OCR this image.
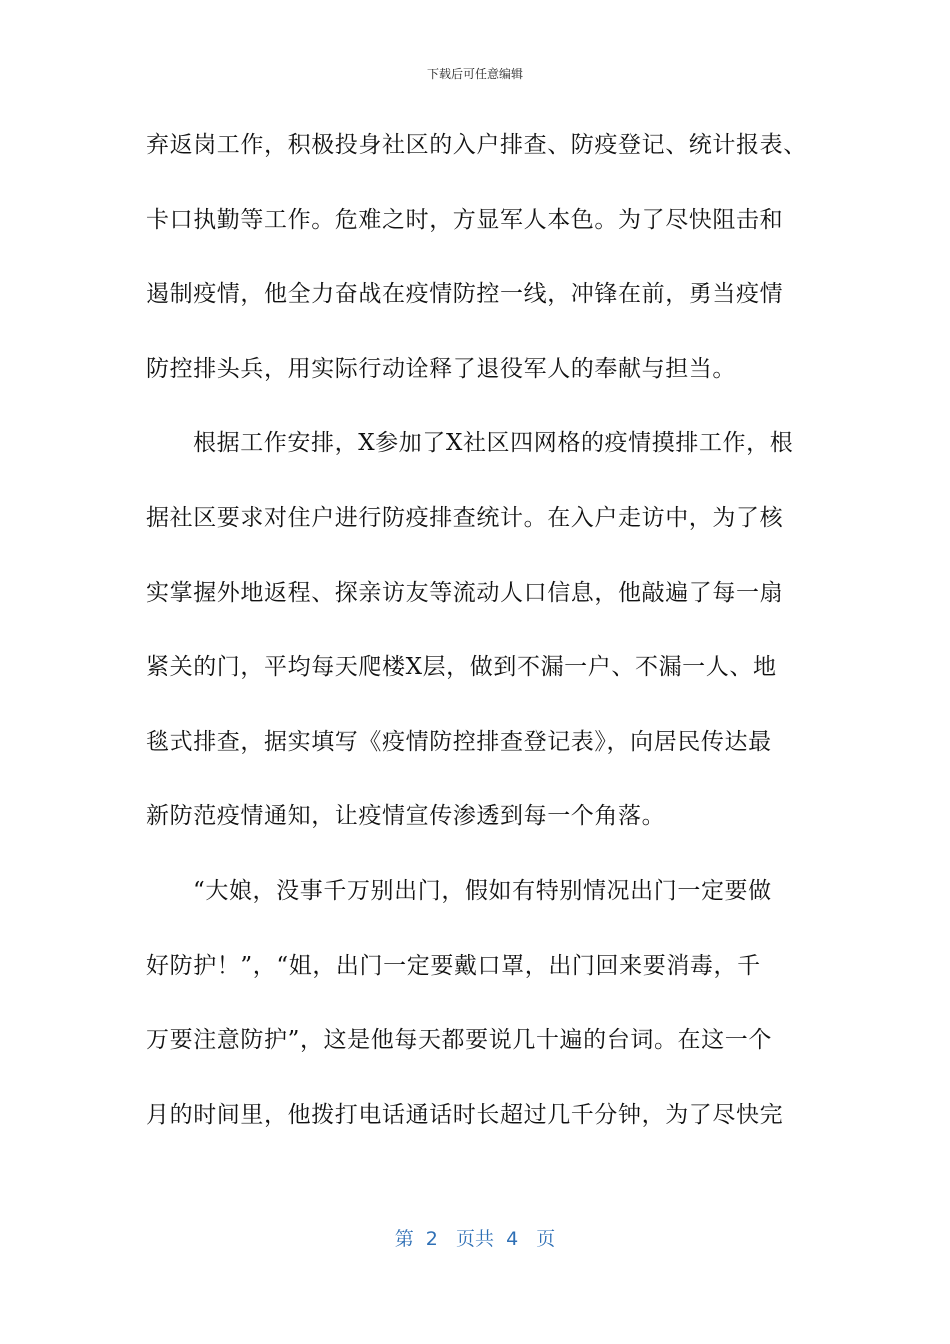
下载后可任意编辑
弃返岗工作，积极投身社区的入户排查、防疫登记、统计报表、
卡口执勤等工作。危难之时，方显军人本色。为了尽快阻击和
遏制疫情，他全力奋战在疫情防控一线，冲锋在前，勇当疫情
防控排头兵，用实际行动诠释了退役军人的奉献与担当。
根据工作安排，X参加了X社区四网格的疫情摸排工作，根
据社区要求对住户进行防疫排查统计。在入户走访中，为了核
实掌握外地返程、探亲访友等流动人口信息，他敲遍了每一扇
紧关的门，平均每天爬楼X层，做到不漏一户、不漏一人、地
毯式排查，据实填写《疫情防控排查登记表》，向居民传达最
新防范疫情通知，让疫情宣传渗透到每一个角落。
“大娘，没事千万别出门，假如有特别情况出门一定要做
好防护！”，“姐，出门一定要戴口罩，出门回来要消毒，千
万要注意防护”，这是他每天都要说几十遍的台词。在这一个
月的时间里，他拨打电话通话时长超过几千分钟，为了尽快完
第  2   页共  4   页
